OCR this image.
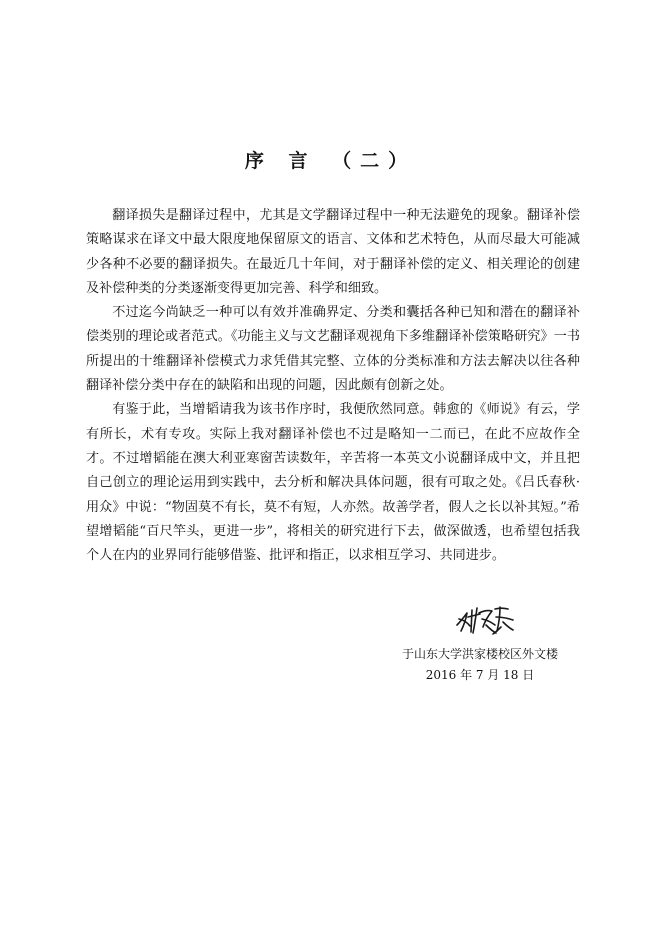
序 言 （二）

翻译损失是翻译过程中，尤其是文学翻译过程中一种无法避免的现象。翻译补偿策略谋求在译文中最大限度地保留原文的语言、文体和艺术特色，从而尽最大可能减少各种不必要的翻译损失。在最近几十年间，对于翻译补偿的定义、相关理论的创建及补偿种类的分类逐渐变得更加完善、科学和细致。

不过迄今尚缺乏一种可以有效并准确界定、分类和囊括各种已知和潜在的翻译补偿类别的理论或者范式。《功能主义与文艺翻译观视角下多维翻译补偿策略研究》一书所提出的十维翻译补偿模式力求凭借其完整、立体的分类标准和方法去解决以往各种翻译补偿分类中存在的缺陷和出现的问题，因此颇有创新之处。

有鉴于此，当增韬请我为该书作序时，我便欣然同意。韩愈的《师说》有云，学有所长，术有专攻。实际上我对翻译补偿也不过是略知一二而已，在此不应故作全才。不过增韬能在澳大利亚寒窗苦读数年，辛苦将一本英文小说翻译成中文，并且把自己创立的理论运用到实践中，去分析和解决具体问题，很有可取之处。《吕氏春秋·用众》中说：“物固莫不有长，莫不有短，人亦然。故善学者，假人之长以补其短。”希望增韬能“百尺竿头，更进一步”，将相关的研究进行下去，做深做透，也希望包括我个人在内的业界同行能够借鉴、批评和指正，以求相互学习、共同进步。

于山东大学洪家楼校区外文楼
2016 年 7 月 18 日
